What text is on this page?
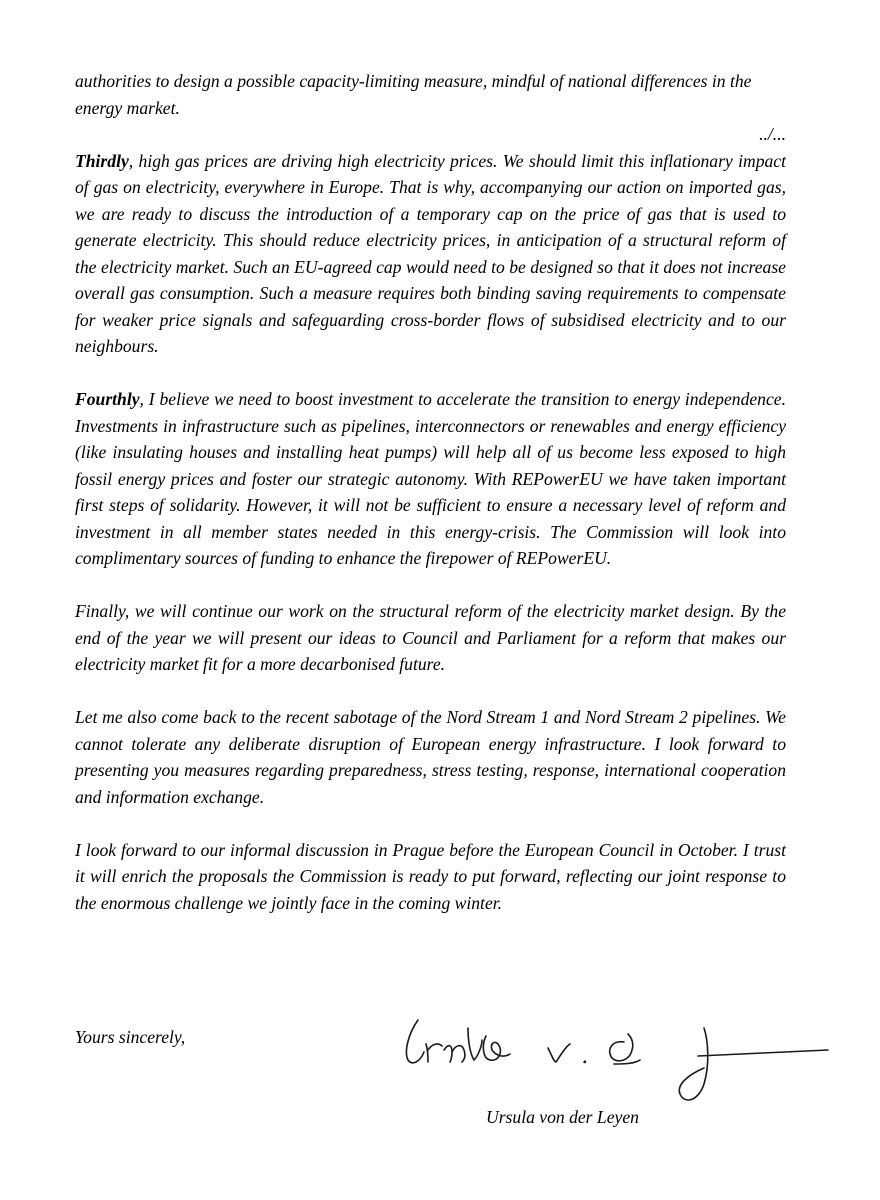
authorities to design a possible capacity-limiting measure, mindful of national differences in the energy market.

../...

Thirdly, high gas prices are driving high electricity prices. We should limit this inflationary impact of gas on electricity, everywhere in Europe. That is why, accompanying our action on imported gas, we are ready to discuss the introduction of a temporary cap on the price of gas that is used to generate electricity. This should reduce electricity prices, in anticipation of a structural reform of the electricity market. Such an EU-agreed cap would need to be designed so that it does not increase overall gas consumption. Such a measure requires both binding saving requirements to compensate for weaker price signals and safeguarding cross-border flows of subsidised electricity and to our neighbours.

Fourthly, I believe we need to boost investment to accelerate the transition to energy independence. Investments in infrastructure such as pipelines, interconnectors or renewables and energy efficiency (like insulating houses and installing heat pumps) will help all of us become less exposed to high fossil energy prices and foster our strategic autonomy. With REPowerEU we have taken important first steps of solidarity. However, it will not be sufficient to ensure a necessary level of reform and investment in all member states needed in this energy-crisis. The Commission will look into complimentary sources of funding to enhance the firepower of REPowerEU.

Finally, we will continue our work on the structural reform of the electricity market design. By the end of the year we will present our ideas to Council and Parliament for a reform that makes our electricity market fit for a more decarbonised future.

Let me also come back to the recent sabotage of the Nord Stream 1 and Nord Stream 2 pipelines. We cannot tolerate any deliberate disruption of European energy infrastructure. I look forward to presenting you measures regarding preparedness, stress testing, response, international cooperation and information exchange.

I look forward to our informal discussion in Prague before the European Council in October. I trust it will enrich the proposals the Commission is ready to put forward, reflecting our joint response to the enormous challenge we jointly face in the coming winter.

Yours sincerely,
Ursula von der Leyen
